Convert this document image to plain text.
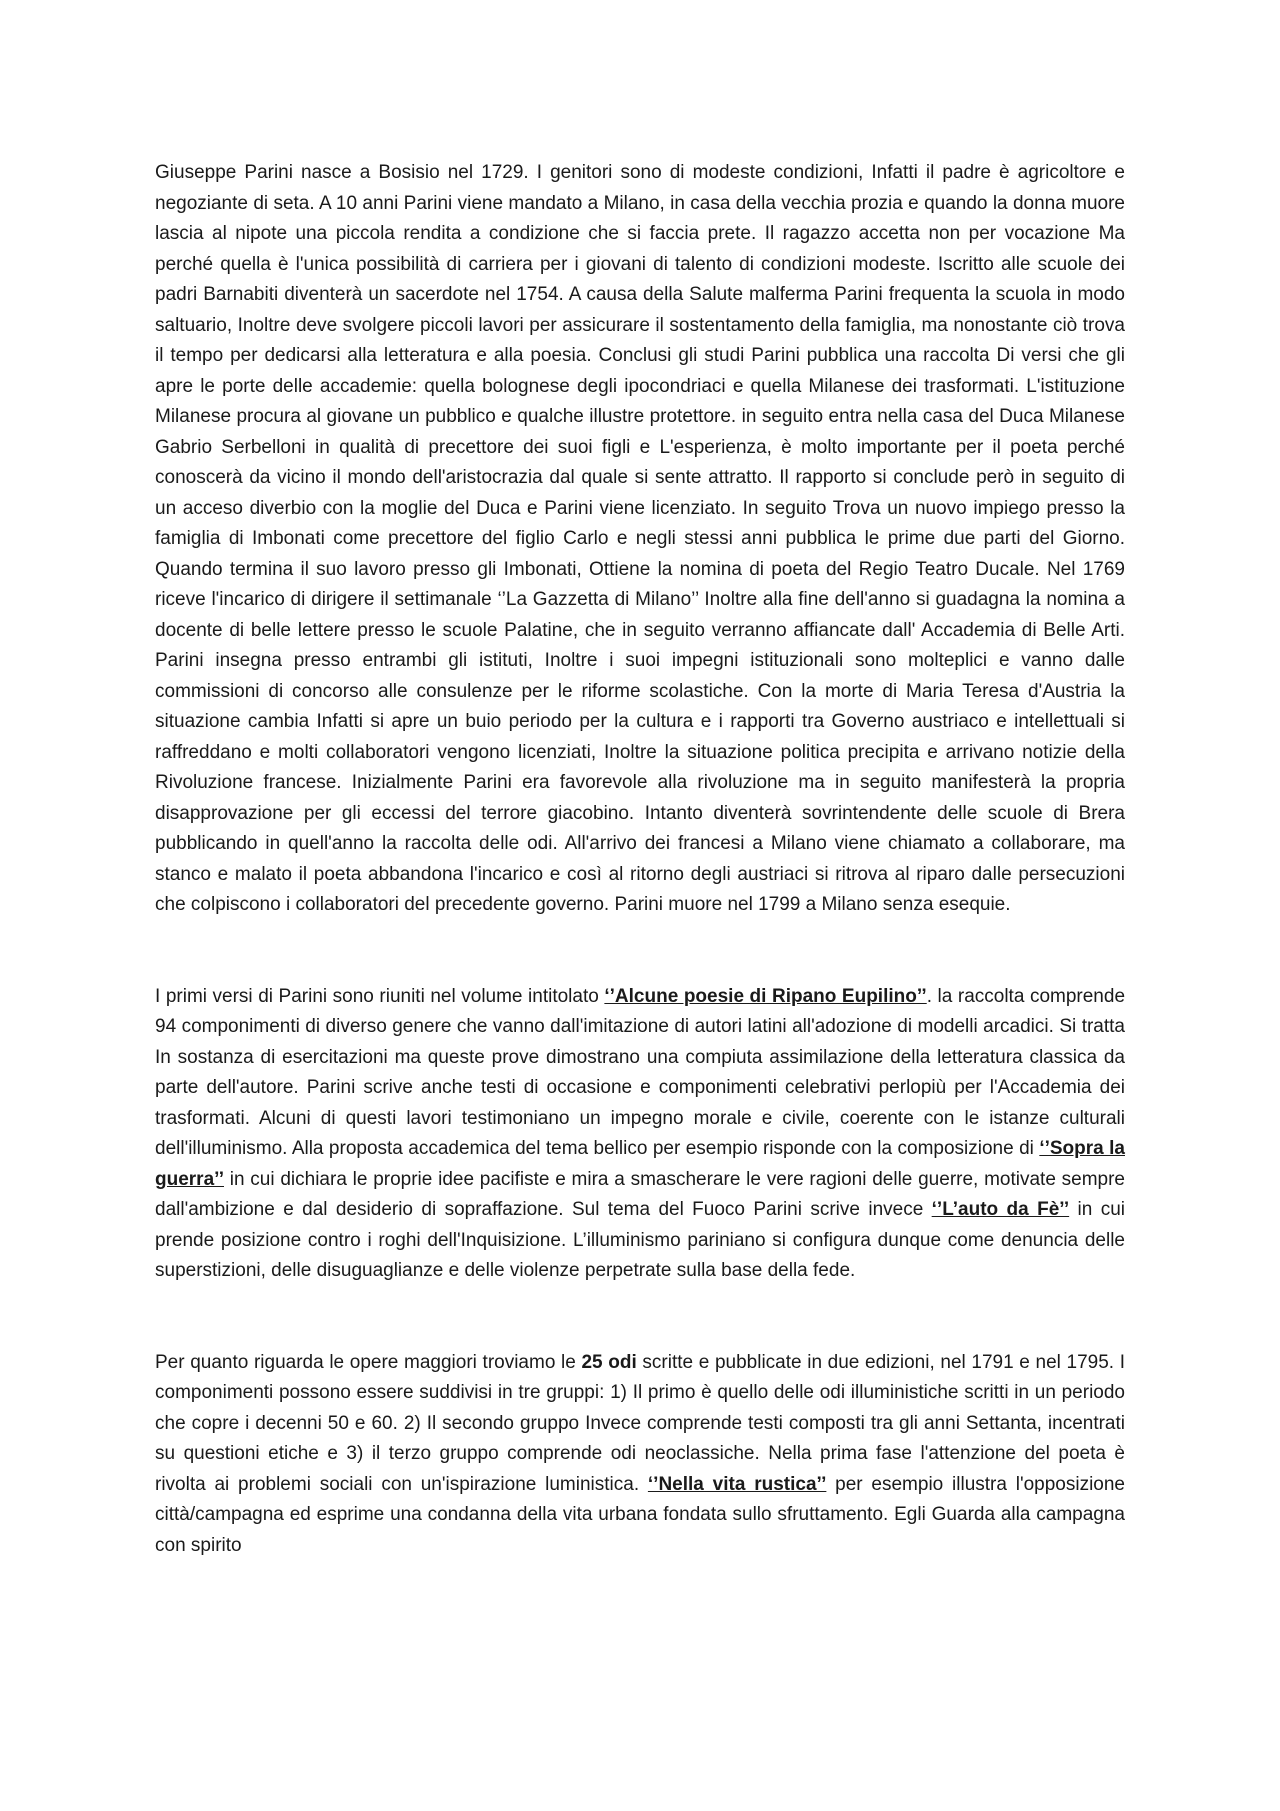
Giuseppe Parini nasce a Bosisio nel 1729. I genitori sono di modeste condizioni, Infatti il padre è agricoltore e negoziante di seta. A 10 anni Parini viene mandato a Milano, in casa della vecchia prozia e quando la donna muore lascia al nipote una piccola rendita a condizione che si faccia prete. Il ragazzo accetta non per vocazione Ma perché quella è l'unica possibilità di carriera per i giovani di talento di condizioni modeste. Iscritto alle scuole dei padri Barnabiti diventerà un sacerdote nel 1754. A causa della Salute malferma Parini frequenta la scuola in modo saltuario, Inoltre deve svolgere piccoli lavori per assicurare il sostentamento della famiglia, ma nonostante ciò trova il tempo per dedicarsi alla letteratura e alla poesia. Conclusi gli studi Parini pubblica una raccolta Di versi che gli apre le porte delle accademie: quella bolognese degli ipocondriaci e quella Milanese dei trasformati. L'istituzione Milanese procura al giovane un pubblico e qualche illustre protettore. in seguito entra nella casa del Duca Milanese Gabrio Serbelloni in qualità di precettore dei suoi figli e L'esperienza, è molto importante per il poeta perché conoscerà da vicino il mondo dell'aristocrazia dal quale si sente attratto. Il rapporto si conclude però in seguito di un acceso diverbio con la moglie del Duca e Parini viene licenziato. In seguito Trova un nuovo impiego presso la famiglia di Imbonati come precettore del figlio Carlo e negli stessi anni pubblica le prime due parti del Giorno. Quando termina il suo lavoro presso gli Imbonati, Ottiene la nomina di poeta del Regio Teatro Ducale. Nel 1769 riceve l'incarico di dirigere il settimanale ‘’La Gazzetta di Milano’’ Inoltre alla fine dell'anno si guadagna la nomina a docente di belle lettere presso le scuole Palatine, che in seguito verranno affiancate dall' Accademia di Belle Arti. Parini insegna presso entrambi gli istituti, Inoltre i suoi impegni istituzionali sono molteplici e vanno dalle commissioni di concorso alle consulenze per le riforme scolastiche. Con la morte di Maria Teresa d'Austria la situazione cambia Infatti si apre un buio periodo per la cultura e i rapporti tra Governo austriaco e intellettuali si raffreddano e molti collaboratori vengono licenziati, Inoltre la situazione politica precipita e arrivano notizie della Rivoluzione francese. Inizialmente Parini era favorevole alla rivoluzione ma in seguito manifesterà la propria disapprovazione per gli eccessi del terrore giacobino. Intanto diventerà sovrintendente delle scuole di Brera pubblicando in quell'anno la raccolta delle odi. All'arrivo dei francesi a Milano viene chiamato a collaborare, ma stanco e malato il poeta abbandona l'incarico e così al ritorno degli austriaci si ritrova al riparo dalle persecuzioni che colpiscono i collaboratori del precedente governo. Parini muore nel 1799 a Milano senza esequie.

I primi versi di Parini sono riuniti nel volume intitolato ‘’Alcune poesie di Ripano Eupilino’’. la raccolta comprende 94 componimenti di diverso genere che vanno dall'imitazione di autori latini all'adozione di modelli arcadici. Si tratta In sostanza di esercitazioni ma queste prove dimostrano una compiuta assimilazione della letteratura classica da parte dell'autore. Parini scrive anche testi di occasione e componimenti celebrativi perlopiù per l'Accademia dei trasformati. Alcuni di questi lavori testimoniano un impegno morale e civile, coerente con le istanze culturali dell'illuminismo. Alla proposta accademica del tema bellico per esempio risponde con la composizione di ‘’Sopra la guerra’’ in cui dichiara le proprie idee pacifiste e mira a smascherare le vere ragioni delle guerre, motivate sempre dall'ambizione e dal desiderio di sopraffazione. Sul tema del Fuoco Parini scrive invece ‘’L’auto da Fè’’ in cui prende posizione contro i roghi dell'Inquisizione. L’illuminismo pariniano si configura dunque come denuncia delle superstizioni, delle disuguaglianze e delle violenze perpetrate sulla base della fede.

Per quanto riguarda le opere maggiori troviamo le 25 odi scritte e pubblicate in due edizioni, nel 1791 e nel 1795. I componimenti possono essere suddivisi in tre gruppi: 1) Il primo è quello delle odi illuministiche scritti in un periodo che copre i decenni 50 e 60. 2) Il secondo gruppo Invece comprende testi composti tra gli anni Settanta, incentrati su questioni etiche e 3) il terzo gruppo comprende odi neoclassiche. Nella prima fase l'attenzione del poeta è rivolta ai problemi sociali con un'ispirazione luministica. ‘’Nella vita rustica’’ per esempio illustra l'opposizione città/campagna ed esprime una condanna della vita urbana fondata sullo sfruttamento. Egli Guarda alla campagna con spirito
